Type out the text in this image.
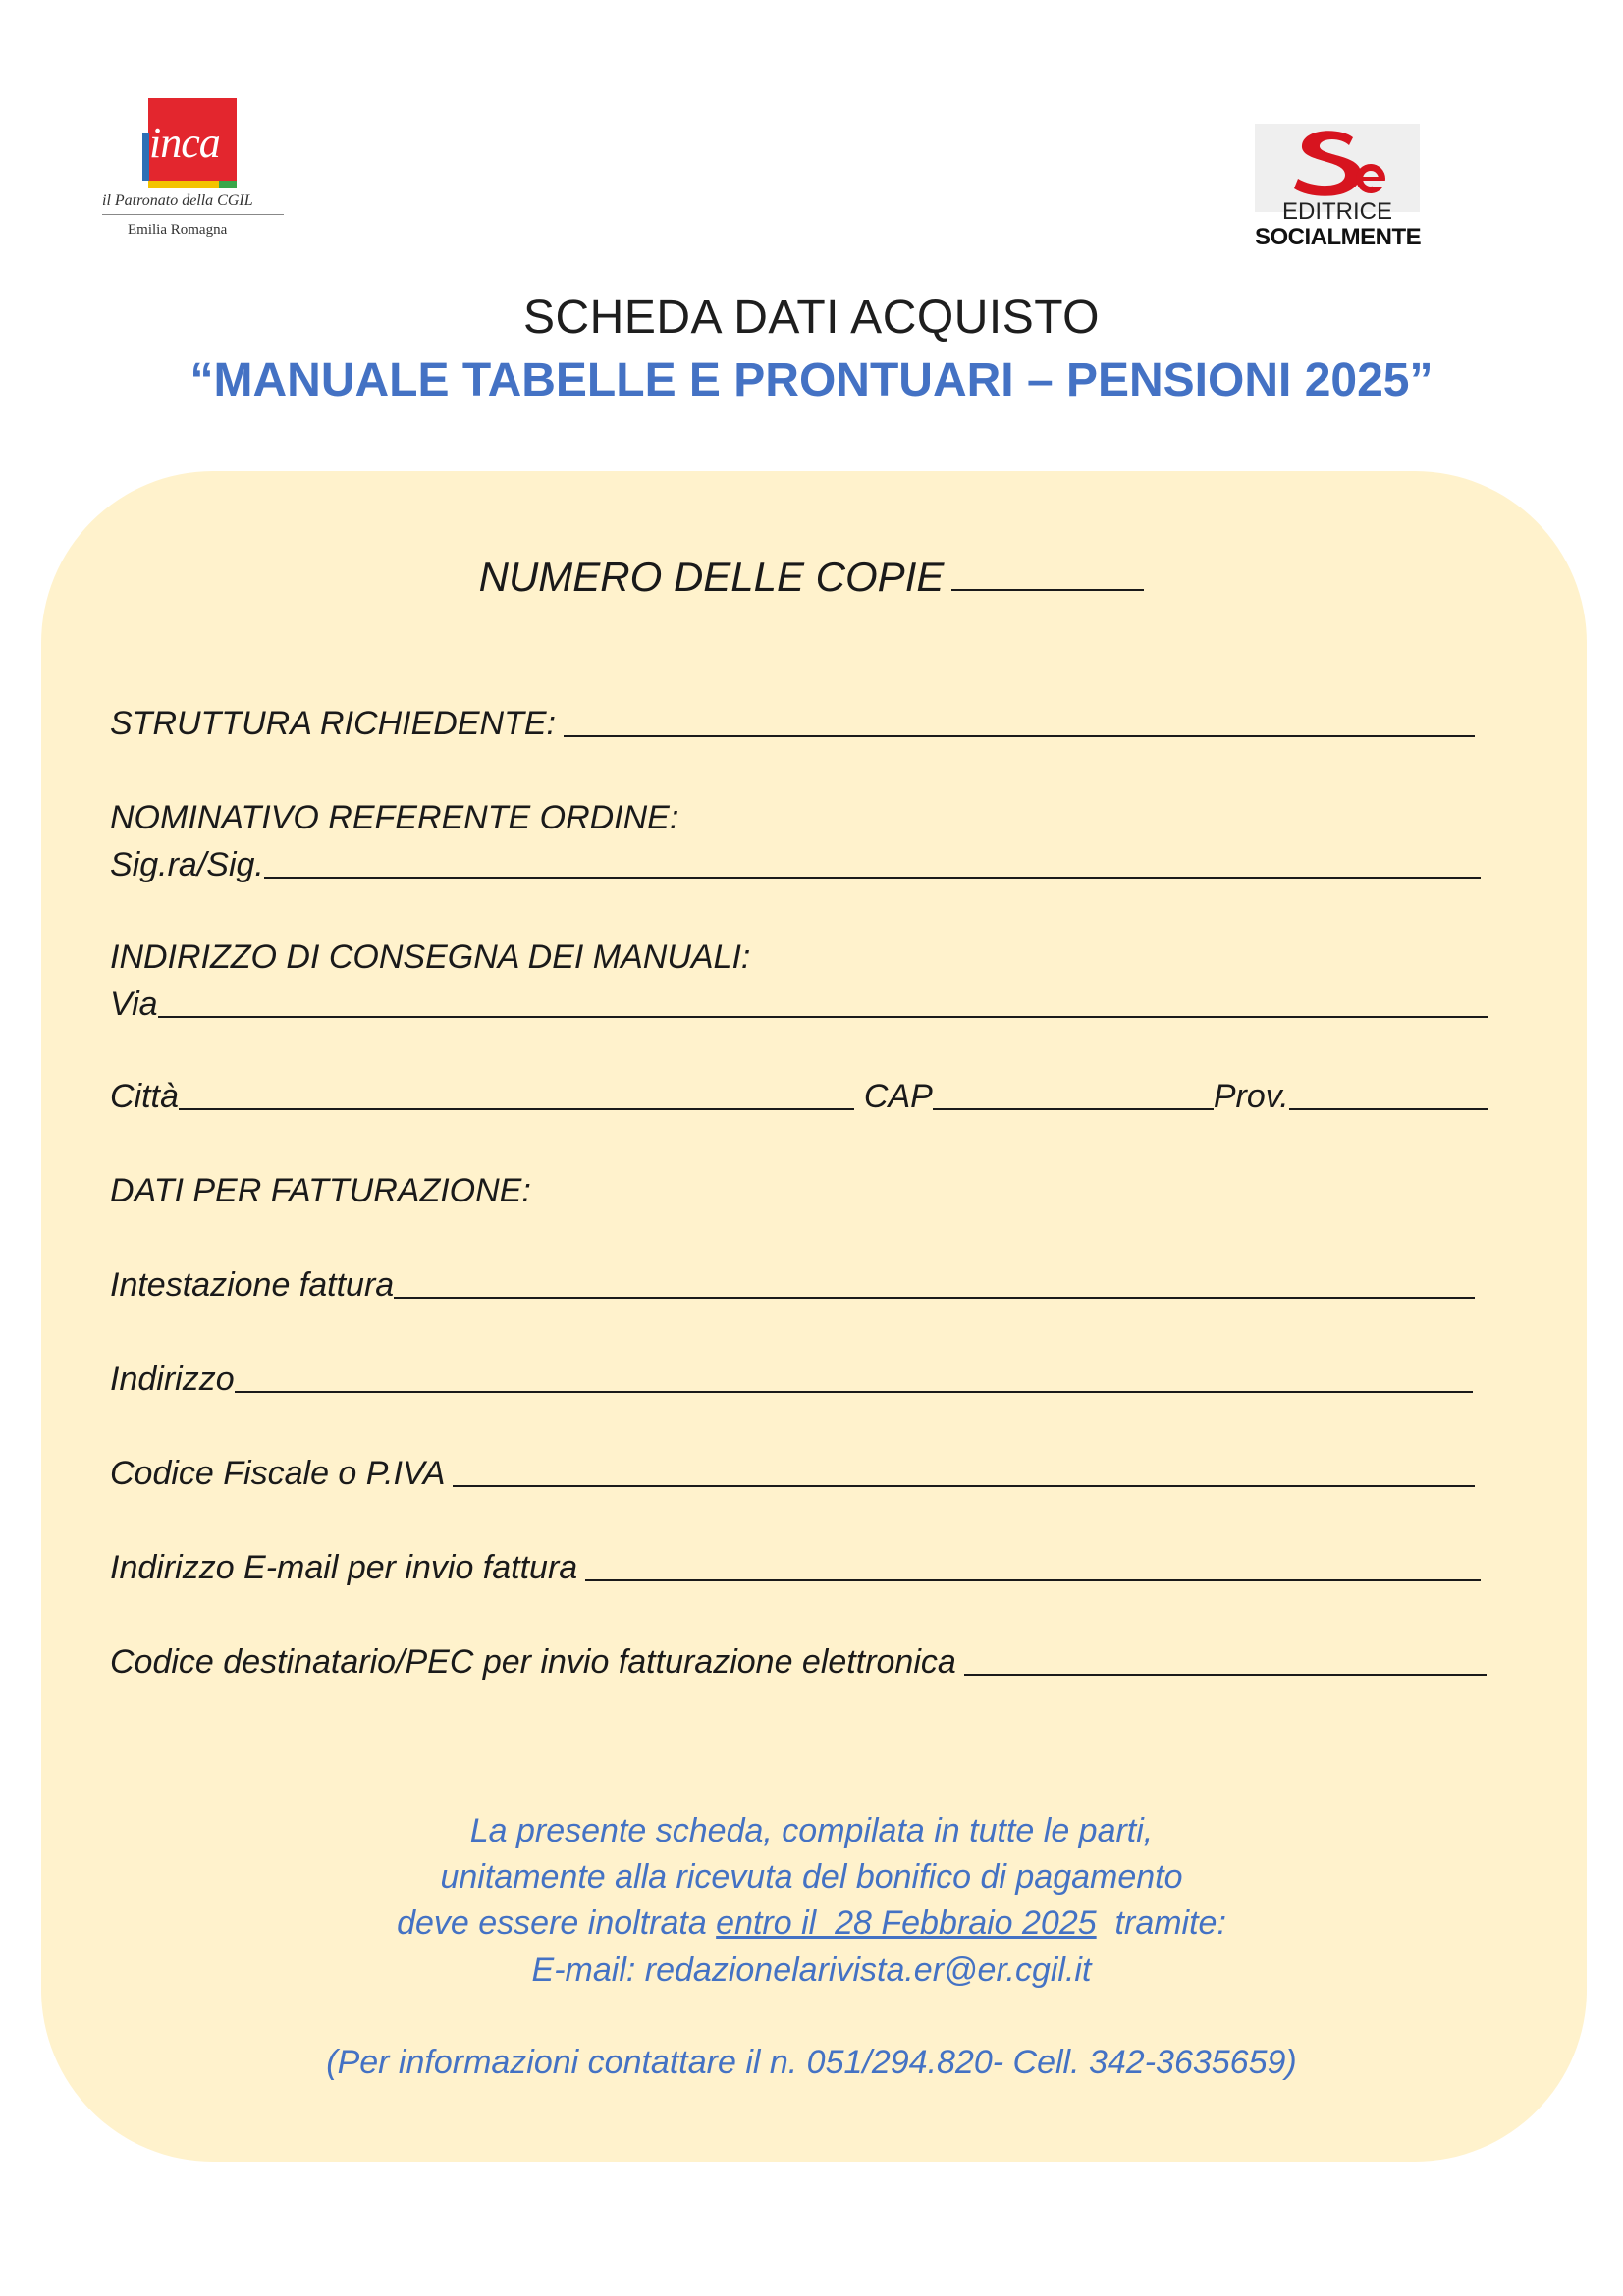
inca
il Patronato della CGIL
Emilia Romagna
EDITRICE
SOCIALMENTE
SCHEDA DATI ACQUISTO
“MANUALE TABELLE E PRONTUARI – PENSIONI 2025”
NUMERO DELLE COPIE
STRUTTURA RICHIEDENTE:
NOMINATIVO REFERENTE ORDINE:
Sig.ra/Sig.
INDIRIZZO DI CONSEGNA DEI MANUALI:
Via
Città	CAP	Prov.
DATI PER FATTURAZIONE:
Intestazione fattura
Indirizzo
Codice Fiscale o P.IVA
Indirizzo E-mail per invio fattura
Codice destinatario/PEC per invio fatturazione elettronica
La presente scheda, compilata in tutte le parti,
unitamente alla ricevuta del bonifico di pagamento
deve essere inoltrata entro il  28 Febbraio 2025  tramite:
E-mail: redazionelarivista.er@er.cgil.it
(Per informazioni contattare il n. 051/294.820- Cell. 342-3635659)
